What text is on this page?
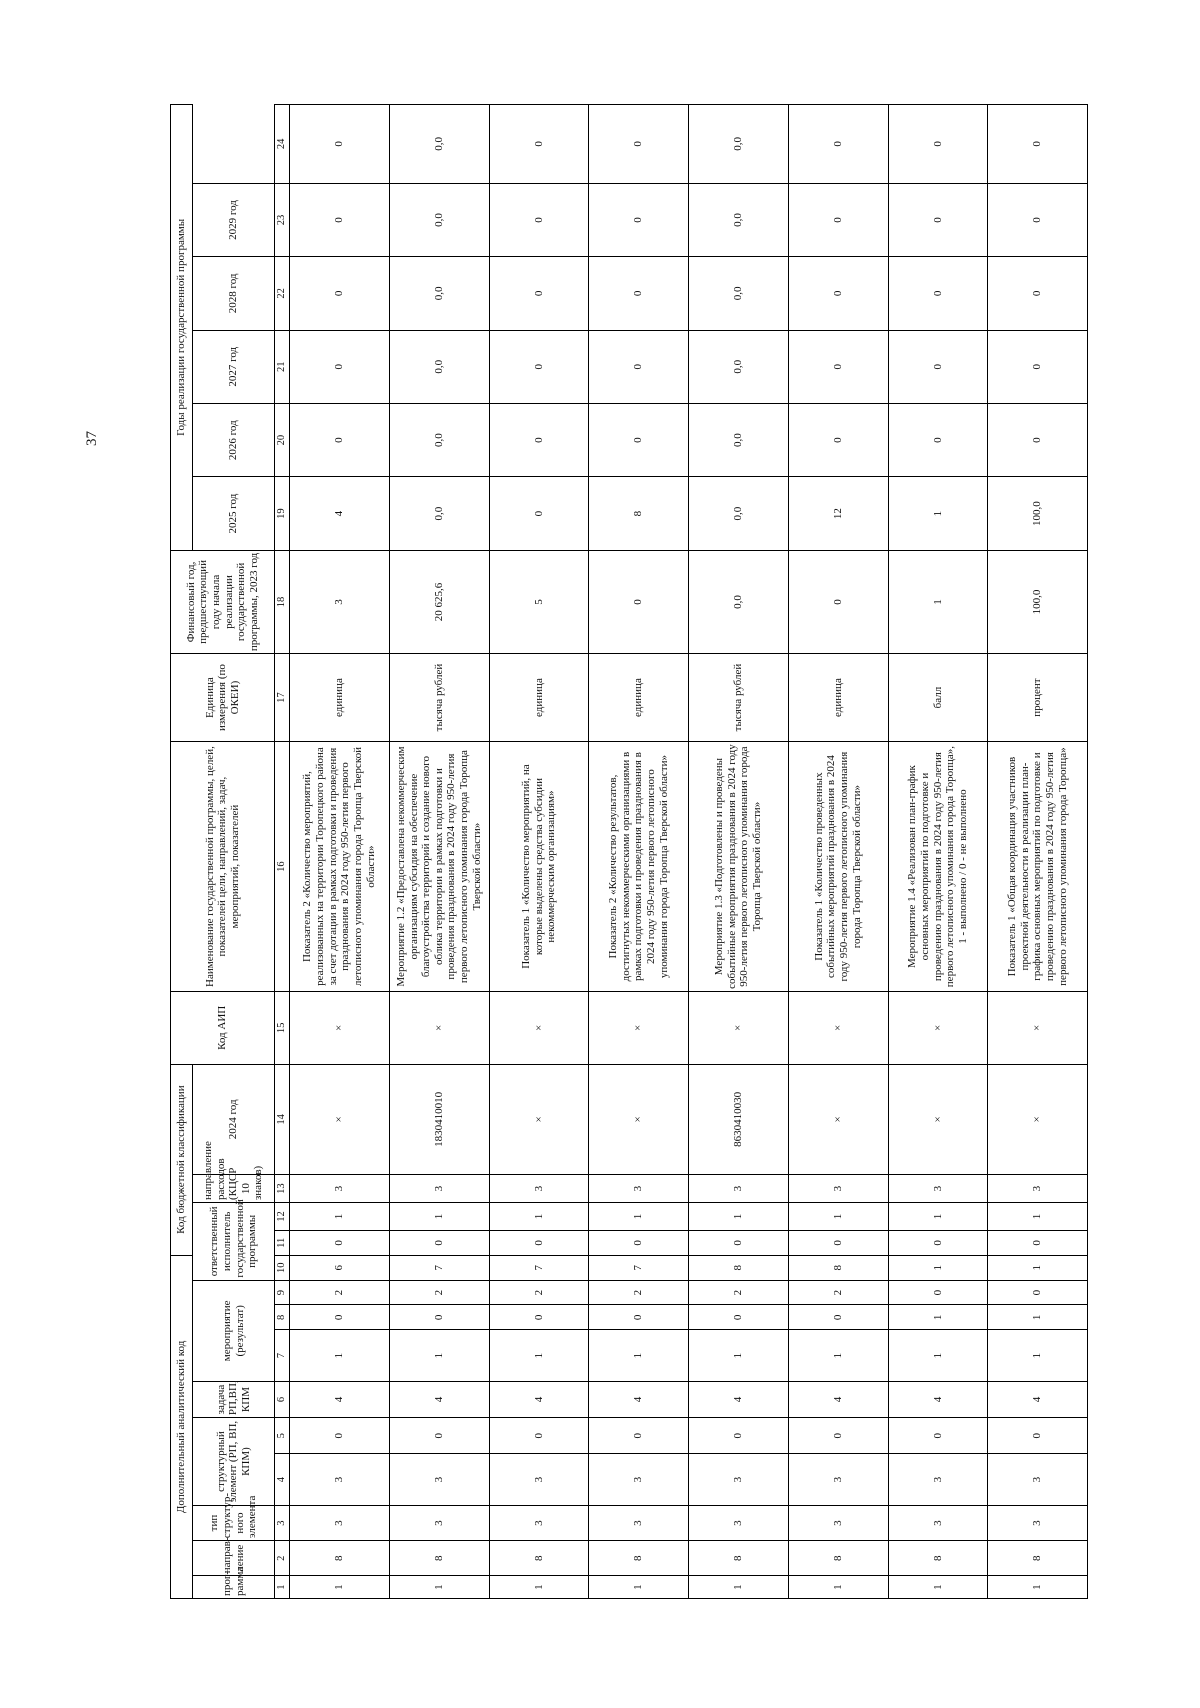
37
Дополнительный аналитический код										Код бюджетной классификации				Код АИП	Наименование государственной программы, целей, показателей цели, направлений, задач, мероприятий, показателей	Единица измерения (по ОКЕИ)	Финансовый год, предшествующий году начала реализации государственной программы, 2023 год	Годы реализации государственной программы					
прог-рамма	направ-ление	тип структур-ного элемента	структурный элемент (РП, ВП, КПМ)		задача РП,ВП, КПМ	мероприятие (результат)			ответственный исполнитель государственной программы			направление расходов (КЦСР 10 знаков)	2024 год					2025 год	2026 год	2027 год	2028 год	2029 год	

1	2	3	4	5	6	7	8	9	10	11	12	13	14	15	16	17	18	19	20	21	22	23	24
1	8	3	3	0	4	1	0	2	6	0	1	3	×	×	Показатель 2 «Количество мероприятий, реализованных на территории Торопецкого района за счет дотации в рамках подготовки и проведения празднования в 2024 году 950-летия первого летописного упоминания города Торопца Тверской области»	единица	3	4	0	0	0	0	0
1	8	3	3	0	4	1	0	2	7	0	1	3	1830410010	×	Мероприятие 1.2 «Предоставлена некоммерческим организациям субсидия на обеспечение благоустройства территорий и создание нового облика территории в рамках подготовки и проведения празднования в 2024 году 950-летия первого летописного упоминания города Торопца Тверской области»	тысяча рублей	20 625,6	0,0	0,0	0,0	0,0	0,0	0,0
1	8	3	3	0	4	1	0	2	7	0	1	3	×	×	Показатель 1 «Количество мероприятий, на которые выделены средства субсидии некоммерческим организациям»	единица	5	0	0	0	0	0	0
1	8	3	3	0	4	1	0	2	7	0	1	3	×	×	Показатель 2 «Количество результатов, достигнутых некоммерческими организациями в рамках подготовки и проведения празднования в 2024 году 950-летия первого летописного упоминания города Торопца Тверской области»	единица	0	8	0	0	0	0	0
1	8	3	3	0	4	1	0	2	8	0	1	3	8630410030	×	Мероприятие 1.3 «Подготовлены и проведены событийные мероприятия празднования в 2024 году 950-летия первого летописного упоминания города Торопца Тверской области»	тысяча рублей	0,0	0,0	0,0	0,0	0,0	0,0	0,0
1	8	3	3	0	4	1	0	2	8	0	1	3	×	×	Показатель 1 «Количество проведенных событийных мероприятий празднования в 2024 году 950-летия первого летописного упоминания города Торопца Тверской области»	единица	0	12	0	0	0	0	0
1	8	3	3	0	4	1	1	0	1	0	1	3	×	×	Мероприятие 1.4 «Реализован план-график основных мероприятий по подготовке и проведению празднования в 2024 году 950-летия первого летописного упоминания города Торопца», 1 - выполнено / 0 - не выполнено	балл	1	1	0	0	0	0	0
1	8	3	3	0	4	1	1	0	1	0	1	3	×	×	Показатель 1 «Общая координация участников проектной деятельности в реализации план-графика основных мероприятий по подготовке и проведению празднования в 2024 году 950-летия первого летописного упоминания города Торопца»	процент	100,0	100,0	0	0	0	0	0
